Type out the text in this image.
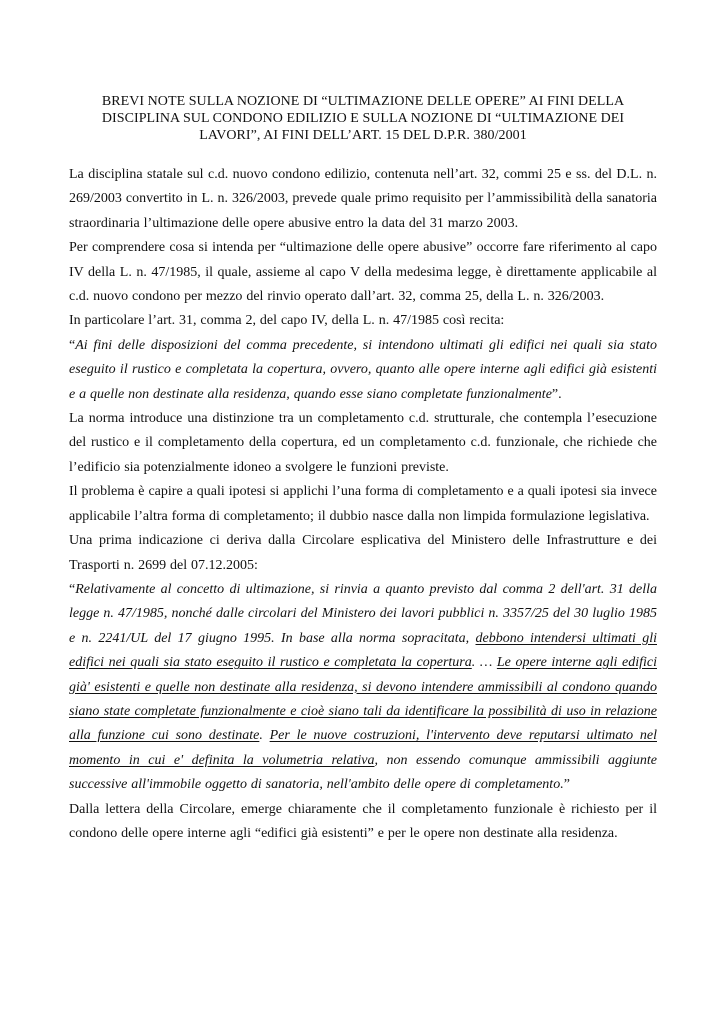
BREVI NOTE SULLA NOZIONE DI “ULTIMAZIONE DELLE OPERE” AI FINI DELLA
DISCIPLINA SUL CONDONO EDILIZIO E SULLA NOZIONE DI “ULTIMAZIONE DEI
LAVORI”, AI FINI DELL’ART. 15 DEL D.P.R. 380/2001

La disciplina statale sul c.d. nuovo condono edilizio, contenuta nell’art. 32, commi 25 e ss. del D.L. n. 269/2003 convertito in L. n. 326/2003, prevede quale primo requisito per l’ammissibilità della sanatoria straordinaria l’ultimazione delle opere abusive entro la data del 31 marzo 2003.

Per comprendere cosa si intenda per “ultimazione delle opere abusive” occorre fare riferimento al capo IV della L. n. 47/1985, il quale, assieme al capo V della medesima legge, è direttamente applicabile al c.d. nuovo condono per mezzo del rinvio operato dall’art. 32, comma 25, della L. n. 326/2003.

In particolare l’art. 31, comma 2, del capo IV, della L. n. 47/1985 così recita:

“Ai fini delle disposizioni del comma precedente, si intendono ultimati gli edifici nei quali sia stato eseguito il rustico e completata la copertura, ovvero, quanto alle opere interne agli edifici già esistenti e a quelle non destinate alla residenza, quando esse siano completate funzionalmente”.

La norma introduce una distinzione tra un completamento c.d. strutturale, che contempla l’esecuzione del rustico e il completamento della copertura, ed un completamento c.d. funzionale, che richiede che l’edificio sia potenzialmente idoneo a svolgere le funzioni previste.

Il problema è capire a quali ipotesi si applichi l’una forma di completamento e a quali ipotesi sia invece applicabile l’altra forma di completamento; il dubbio nasce dalla non limpida formulazione legislativa.

Una prima indicazione ci deriva dalla Circolare esplicativa del Ministero delle Infrastrutture e dei Trasporti n. 2699 del 07.12.2005:

“Relativamente al concetto di ultimazione, si rinvia a quanto previsto dal comma 2 dell'art. 31 della legge n. 47/1985, nonché dalle circolari del Ministero dei lavori pubblici n. 3357/25 del 30 luglio 1985 e n. 2241/UL del 17 giugno 1995. In base alla norma sopracitata, debbono intendersi ultimati gli edifici nei quali sia stato eseguito il rustico e completata la copertura. … Le opere interne agli edifici già' esistenti e quelle non destinate alla residenza, si devono intendere ammissibili al condono quando siano state completate funzionalmente e cioè siano tali da identificare la possibilità di uso in relazione alla funzione cui sono destinate. Per le nuove costruzioni, l'intervento deve reputarsi ultimato nel momento in cui e' definita la volumetria relativa, non essendo comunque ammissibili aggiunte successive all'immobile oggetto di sanatoria, nell'ambito delle opere di completamento.”

Dalla lettera della Circolare, emerge chiaramente che il completamento funzionale è richiesto per il condono delle opere interne agli “edifici già esistenti” e per le opere non destinate alla residenza.
